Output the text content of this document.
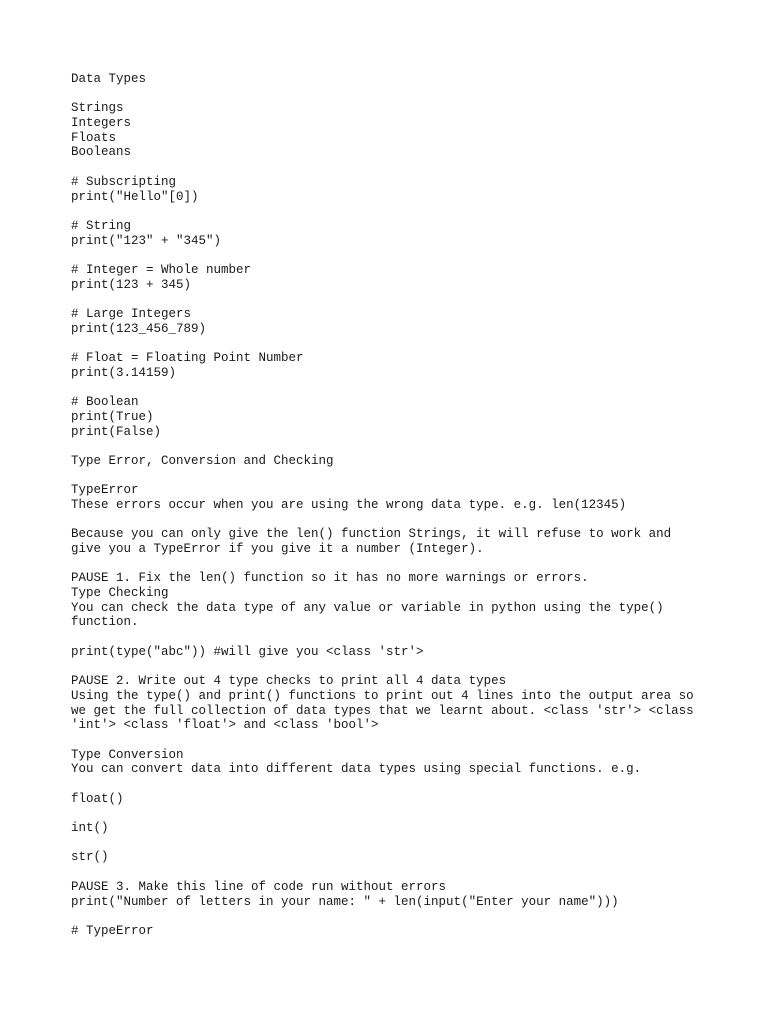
Data Types
Strings
Integers
Floats
Booleans
# Subscripting
print("Hello"[0])
# String
print("123" + "345")
# Integer = Whole number
print(123 + 345)
# Large Integers
print(123_456_789)
# Float = Floating Point Number
print(3.14159)
# Boolean
print(True)
print(False)
Type Error, Conversion and Checking
TypeError
These errors occur when you are using the wrong data type. e.g. len(12345)
Because you can only give the len() function Strings, it will refuse to work and
give you a TypeError if you give it a number (Integer).
PAUSE 1. Fix the len() function so it has no more warnings or errors.
Type Checking
You can check the data type of any value or variable in python using the type()
function.
print(type("abc")) #will give you <class 'str'>
PAUSE 2. Write out 4 type checks to print all 4 data types
Using the type() and print() functions to print out 4 lines into the output area so
we get the full collection of data types that we learnt about. <class 'str'> <class
'int'> <class 'float'> and <class 'bool'>
Type Conversion
You can convert data into different data types using special functions. e.g.
float()
int()
str()
PAUSE 3. Make this line of code run without errors
print("Number of letters in your name: " + len(input("Enter your name")))
# TypeError
